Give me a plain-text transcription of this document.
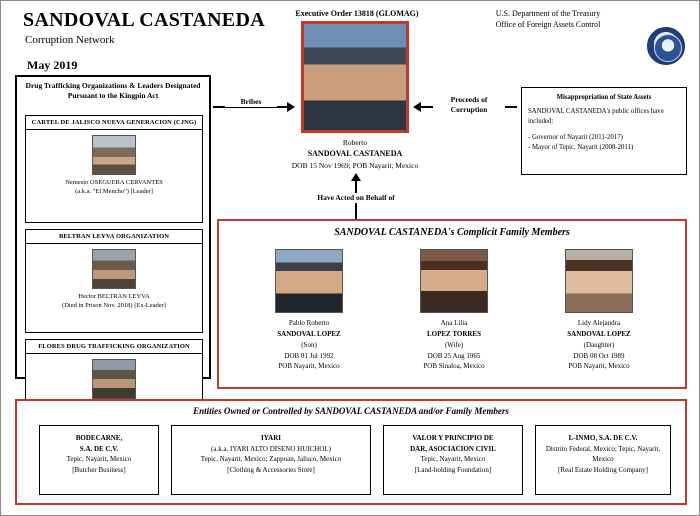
SANDOVAL CASTANEDA
Corruption Network
May 2019
Executive Order 13818 (GLOMAG)	U.S. Department of the Treasury
Office of Foreign Assets Control
Drug Trafficking Organizations & Leaders Designated Pursuant to the Kingpin Act
CARTEL DE JALISCO NUEVA GENERACION (CJNG)
Nemesio OSEGUERA CERVANTES
(a.k.a. "El Mencho") [Leader]
BELTRAN LEYVA ORGANIZATION
Hector BELTRAN LEYVA
(Died in Prison Nov. 2018) [Ex-Leader]
FLORES DRUG TRAFFICKING ORGANIZATION
Roberto
SANDOVAL CASTANEDA
DOB 15 Nov 1969; POB Nayarit, Mexico
Bribes	Proceeds of Corruption
Misappropriation of State Assets
SANDOVAL CASTANEDA's public offices have included:
- Governor of Nayarit (2011-2017)
- Mayor of Tepic, Nayarit (2008-2011)
Have Acted on Behalf of
SANDOVAL CASTANEDA's Complicit Family Members
Pablo Roberto
SANDOVAL LOPEZ
(Son)
DOB 01 Jul 1992
POB Nayarit, Mexico
Ana Lilia
LOPEZ TORRES
(Wife)
DOB 25 Aug 1965
POB Sinaloa, Mexico
Lidy Alejandra
SANDOVAL LOPEZ
(Daughter)
DOB 08 Oct 1989
POB Nayarit, Mexico
Entities Owned or Controlled by SANDOVAL CASTANEDA and/or Family Members
BODECARNE,
S.A. DE C.V.
Tepic, Nayarit, Mexico
[Butcher Business]
IYARI
(a.k.a. IYARI ALTO DISENO HUICHOL)
Tepic, Nayarit, Mexico; Zappoan, Jalisco, Mexico
[Clothing & Accessories Store]
VALOR Y PRINCIPIO DE
DAR, ASOCIACION CIVIL
Tepic, Nayarit, Mexico
[Land-holding Foundation]
L-INMO, S.A. DE C.V.
Distrito Federal, Mexico; Tepic, Nayarit, Mexico
[Real Estate Holding Company]
